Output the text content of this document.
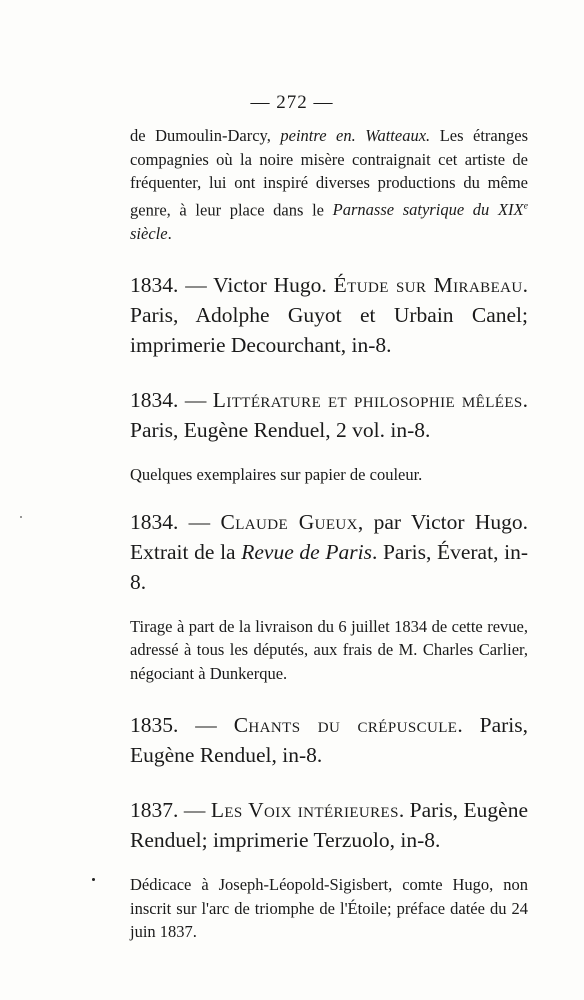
— 272 —

de Dumoulin-Darcy, peintre en. Watteaux. Les étranges compagnies où la noire misère contraignait cet artiste de fréquenter, lui ont inspiré diverses productions du même genre, à leur place dans le Parnasse satyrique du XIXe siècle.

1834. — Victor Hugo. Étude sur Mirabeau. Paris, Adolphe Guyot et Urbain Canel; imprimerie Decourchant, in-8.

1834. — Littérature et philosophie mêlées. Paris, Eugène Renduel, 2 vol. in-8.

Quelques exemplaires sur papier de couleur.

1834. — Claude Gueux, par Victor Hugo. Extrait de la Revue de Paris. Paris, Éverat, in-8.

Tirage à part de la livraison du 6 juillet 1834 de cette revue, adressé à tous les députés, aux frais de M. Charles Carlier, négociant à Dunkerque.

1835. — Chants du crépuscule. Paris, Eugène Renduel, in-8.

1837. — Les Voix intérieures. Paris, Eugène Renduel; imprimerie Terzuolo, in-8.

Dédicace à Joseph-Léopold-Sigisbert, comte Hugo, non inscrit sur l'arc de triomphe de l'Étoile; préface datée du 24 juin 1837.
